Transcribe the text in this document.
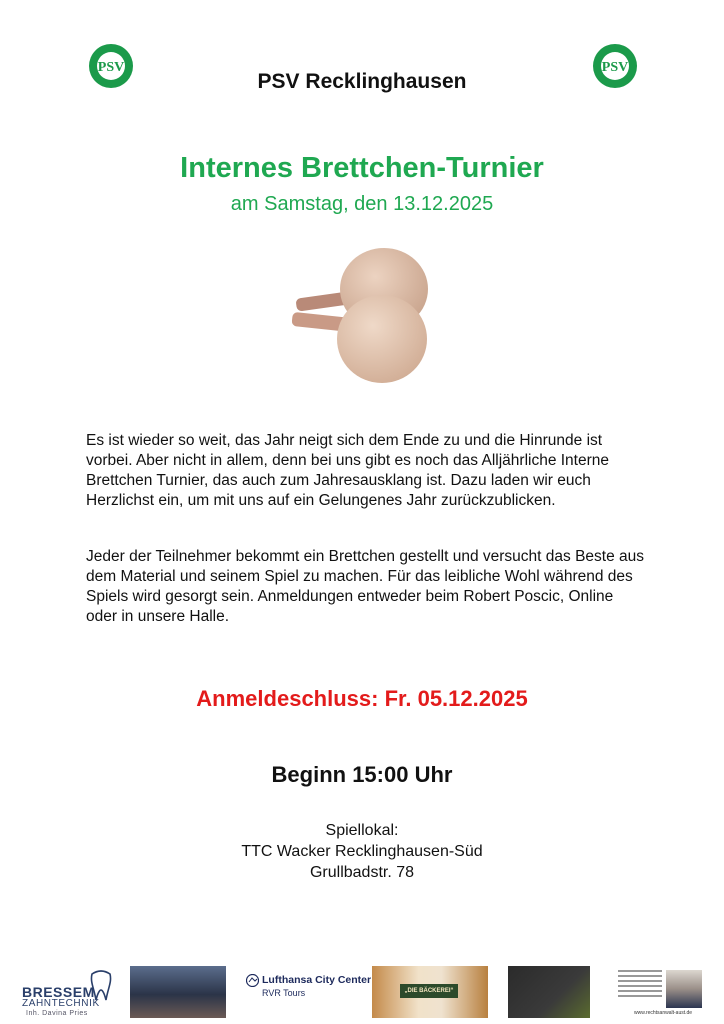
PSV	PSV
PSV Recklinghausen
Internes Brettchen-Turnier
am Samstag, den 13.12.2025
Es ist wieder so weit, das Jahr neigt sich dem Ende zu und die Hinrunde ist vorbei. Aber nicht in allem, denn bei uns gibt es noch das Alljährliche Interne Brettchen Turnier, das auch zum Jahresausklang ist. Dazu laden wir euch Herzlichst ein, um mit uns auf ein Gelungenes Jahr zurückzublicken.
Jeder der Teilnehmer bekommt ein Brettchen gestellt und versucht das Beste aus dem Material und seinem Spiel zu machen. Für das leibliche Wohl während des Spiels wird gesorgt sein. Anmeldungen entweder beim Robert Poscic, Online oder in unsere Halle.
Anmeldeschluss: Fr. 05.12.2025
Beginn 15:00 Uhr
Spiellokal:
TTC Wacker Recklinghausen-Süd
Grullbadstr. 78
BRESSEM
ZAHNTECHNIK
Inh. Davina Pries
Lufthansa City Center
RVR Tours	„DIE BÄCKEREI“
www.rechtsanwalt-aust.de
